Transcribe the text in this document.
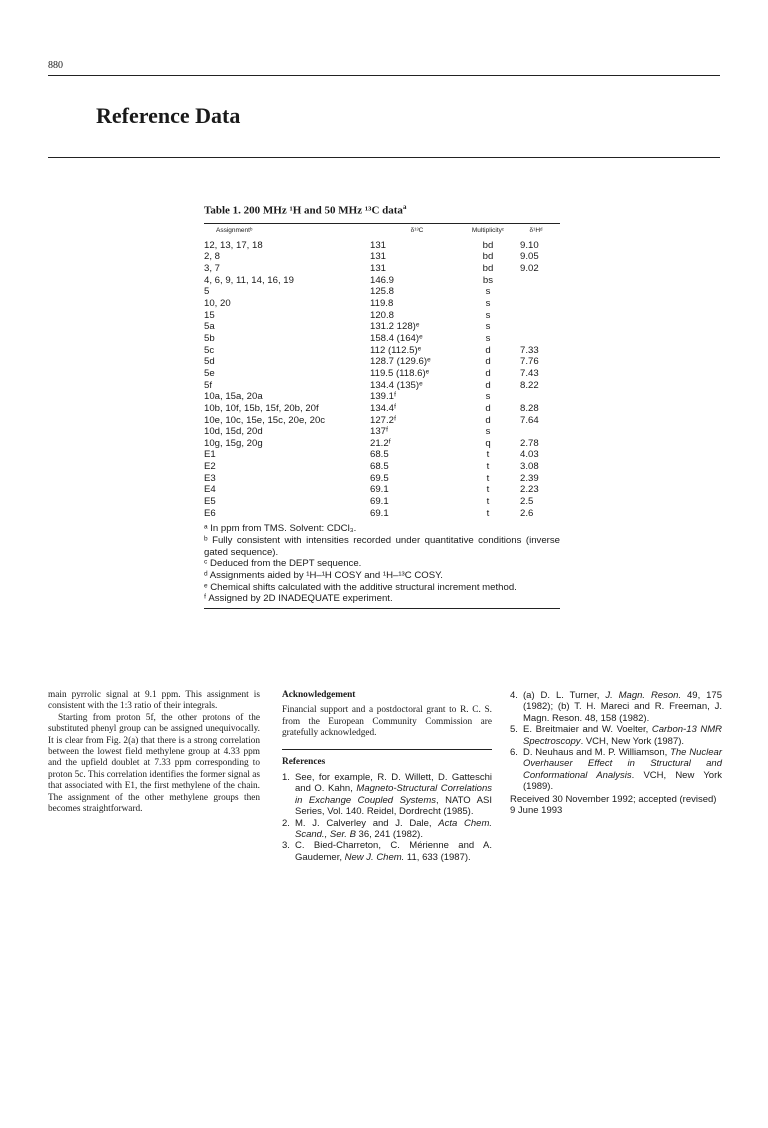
880
Reference Data
Table 1. 200 MHz ¹H and 50 MHz ¹³C data$^a$
Assignmentᵇ	δ¹³C	Multiplicityᶜ	δ¹Hᵈ
12, 13, 17, 18	131	bd	9.10
2, 8	131	bd	9.05
3, 7	131	bd	9.02
4, 6, 9, 11, 14, 16, 19	146.9	bs	
5	125.8	s	
10, 20	119.8	s	
15	120.8	s	
5a	131.2 128)ᵉ	s	
5b	158.4 (164)ᵉ	s	
5c	112 (112.5)ᵉ	d	7.33
5d	128.7 (129.6)ᵉ	d	7.76
5e	119.5 (118.6)ᵉ	d	7.43
5f	134.4 (135)ᵉ	d	8.22
10a, 15a, 20a	139.1ᶠ	s	
10b, 10f, 15b, 15f, 20b, 20f	134.4ᶠ	d	8.28
10e, 10c, 15e, 15c, 20e, 20c	127.2ᶠ	d	7.64
10d, 15d, 20d	137ᶠ	s	
10g, 15g, 20g	21.2ᶠ	q	2.78
E1	68.5	t	4.03
E2	68.5	t	3.08
E3	69.5	t	2.39
E4	69.1	t	2.23
E5	69.1	t	2.5
E6	69.1	t	2.6
ᵃ In ppm from TMS. Solvent: CDCl₃.
ᵇ Fully consistent with intensities recorded under quantitative conditions (inverse gated sequence).
ᶜ Deduced from the DEPT sequence.
ᵈ Assignments aided by ¹H–¹H COSY and ¹H–¹³C COSY.
ᵉ Chemical shifts calculated with the additive structural increment method.
ᶠ Assigned by 2D INADEQUATE experiment.

main pyrrolic signal at 9.1 ppm. This assignment is consistent with the 1:3 ratio of their integrals.

Starting from proton 5f, the other protons of the substituted phenyl group can be assigned unequivocally. It is clear from Fig. 2(a) that there is a strong correlation between the lowest field methylene group at 4.33 ppm and the upfield doublet at 7.33 ppm corresponding to proton 5c. This correlation identifies the former signal as that associated with E1, the first methylene of the chain. The assignment of the other methylene groups then becomes straightforward.

Acknowledgement

Financial support and a postdoctoral grant to R. C. S. from the European Community Commission are gratefully acknowledged.

References
1. See, for example, R. D. Willett, D. Gatteschi and O. Kahn, Magneto-Structural Correlations in Exchange Coupled Systems, NATO ASI Series, Vol. 140. Reidel, Dordrecht (1985).
2. M. J. Calverley and J. Dale, Acta Chem. Scand., Ser. B 36, 241 (1982).
3. C. Bied-Charreton, C. Mérienne and A. Gaudemer, New J. Chem. 11, 633 (1987).
4. (a) D. L. Turner, J. Magn. Reson. 49, 175 (1982); (b) T. H. Mareci and R. Freeman, J. Magn. Reson. 48, 158 (1982).
5. E. Breitmaier and W. Voelter, Carbon-13 NMR Spectroscopy. VCH, New York (1987).
6. D. Neuhaus and M. P. Williamson, The Nuclear Overhauser Effect in Structural and Conformational Analysis. VCH, New York (1989).
Received 30 November 1992; accepted (revised) 9 June 1993
